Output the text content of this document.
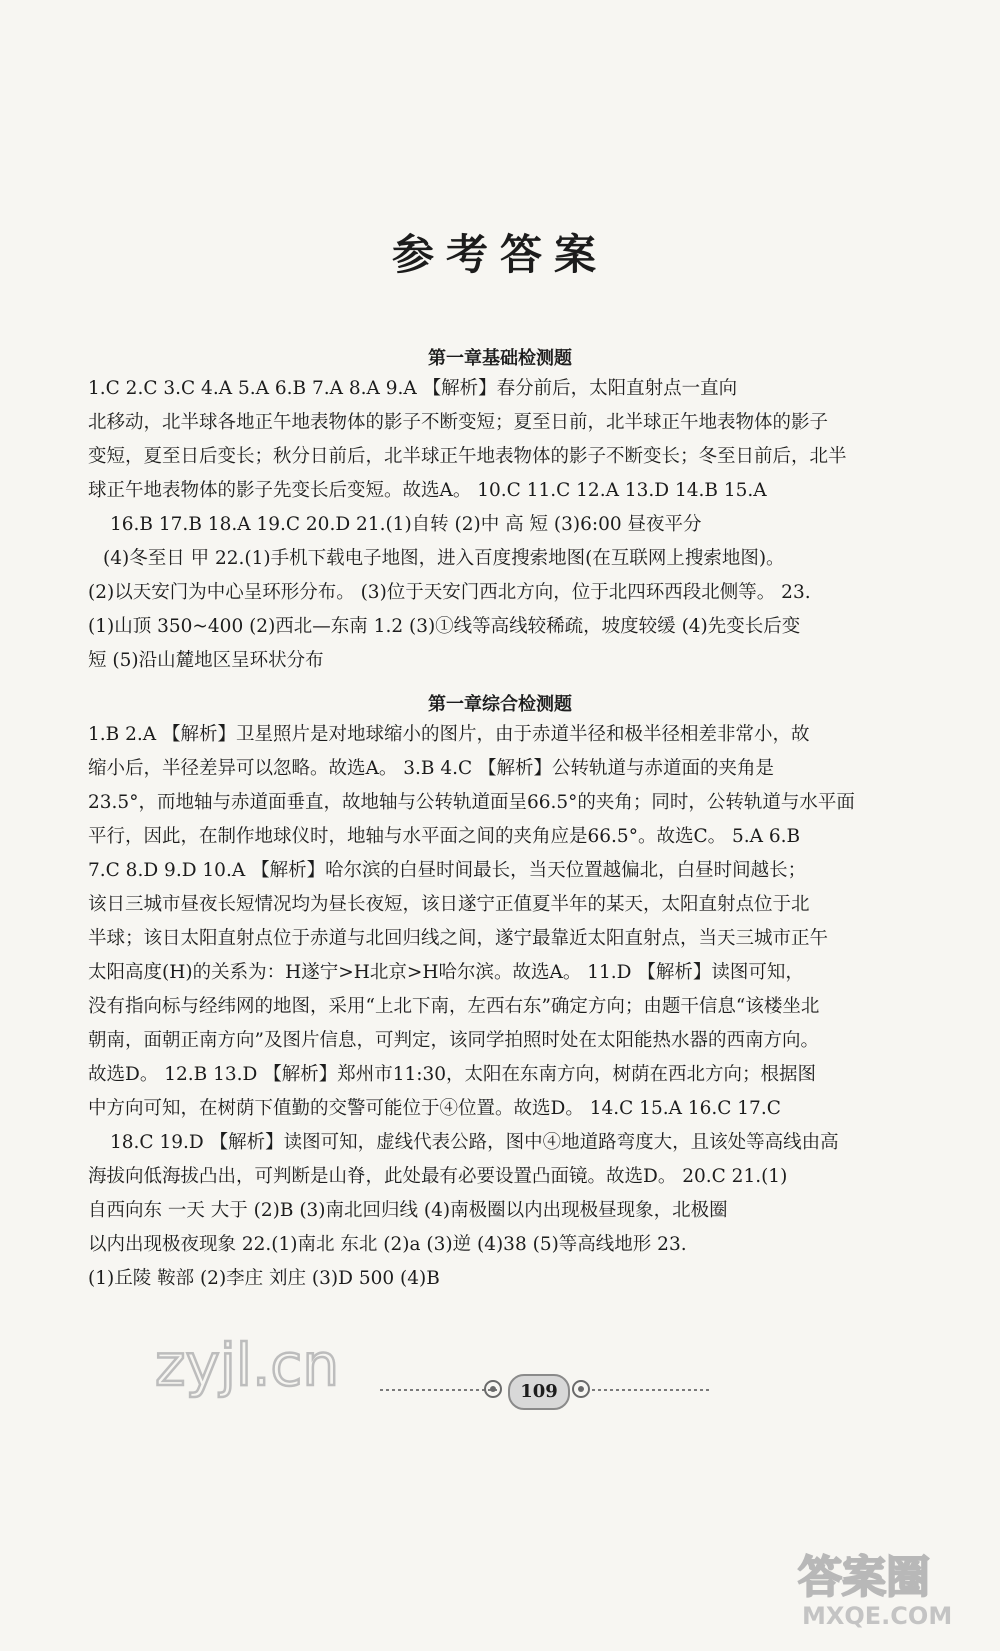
参考答案
第一章基础检测题
1.C 2.C 3.C 4.A 5.A 6.B 7.A 8.A 9.A 【解析】春分前后，太阳直射点一直向
北移动，北半球各地正午地表物体的影子不断变短；夏至日前，北半球正午地表物体的影子
变短，夏至日后变长；秋分日前后，北半球正午地表物体的影子不断变长；冬至日前后，北半
球正午地表物体的影子先变长后变短。故选A。 10.C 11.C 12.A 13.D 14.B 15.A
16.B 17.B 18.A 19.C 20.D 21.(1)自转 (2)中 高 短 (3)6:00 昼夜平分
(4)冬至日 甲 22.(1)手机下载电子地图，进入百度搜索地图(在互联网上搜索地图)。
(2)以天安门为中心呈环形分布。 (3)位于天安门西北方向，位于北四环西段北侧等。 23.
(1)山顶 350~400 (2)西北—东南 1.2 (3)①线等高线较稀疏，坡度较缓 (4)先变长后变
短 (5)沿山麓地区呈环状分布
第一章综合检测题
1.B 2.A 【解析】卫星照片是对地球缩小的图片，由于赤道半径和极半径相差非常小，故
缩小后，半径差异可以忽略。故选A。 3.B 4.C 【解析】公转轨道与赤道面的夹角是
23.5°，而地轴与赤道面垂直，故地轴与公转轨道面呈66.5°的夹角；同时，公转轨道与水平面
平行，因此，在制作地球仪时，地轴与水平面之间的夹角应是66.5°。故选C。 5.A 6.B
7.C 8.D 9.D 10.A 【解析】哈尔滨的白昼时间最长，当天位置越偏北，白昼时间越长；
该日三城市昼夜长短情况均为昼长夜短，该日遂宁正值夏半年的某天，太阳直射点位于北
半球；该日太阳直射点位于赤道与北回归线之间，遂宁最靠近太阳直射点，当天三城市正午
太阳高度(H)的关系为：H遂宁>H北京>H哈尔滨。故选A。 11.D 【解析】读图可知，
没有指向标与经纬网的地图，采用“上北下南，左西右东”确定方向；由题干信息“该楼坐北
朝南，面朝正南方向”及图片信息，可判定，该同学拍照时处在太阳能热水器的西南方向。
故选D。 12.B 13.D 【解析】郑州市11:30，太阳在东南方向，树荫在西北方向；根据图
中方向可知，在树荫下值勤的交警可能位于④位置。故选D。 14.C 15.A 16.C 17.C
18.C 19.D 【解析】读图可知，虚线代表公路，图中④地道路弯度大，且该处等高线由高
海拔向低海拔凸出，可判断是山脊，此处最有必要设置凸面镜。故选D。 20.C 21.(1)
自西向东 一天 大于 (2)B (3)南北回归线 (4)南极圈以内出现极昼现象，北极圈
以内出现极夜现象 22.(1)南北 东北 (2)a (3)逆 (4)38 (5)等高线地形 23.
(1)丘陵 鞍部 (2)李庄 刘庄 (3)D 500 (4)B
zyjl.cn	109
答案圈
MXQE.COM
